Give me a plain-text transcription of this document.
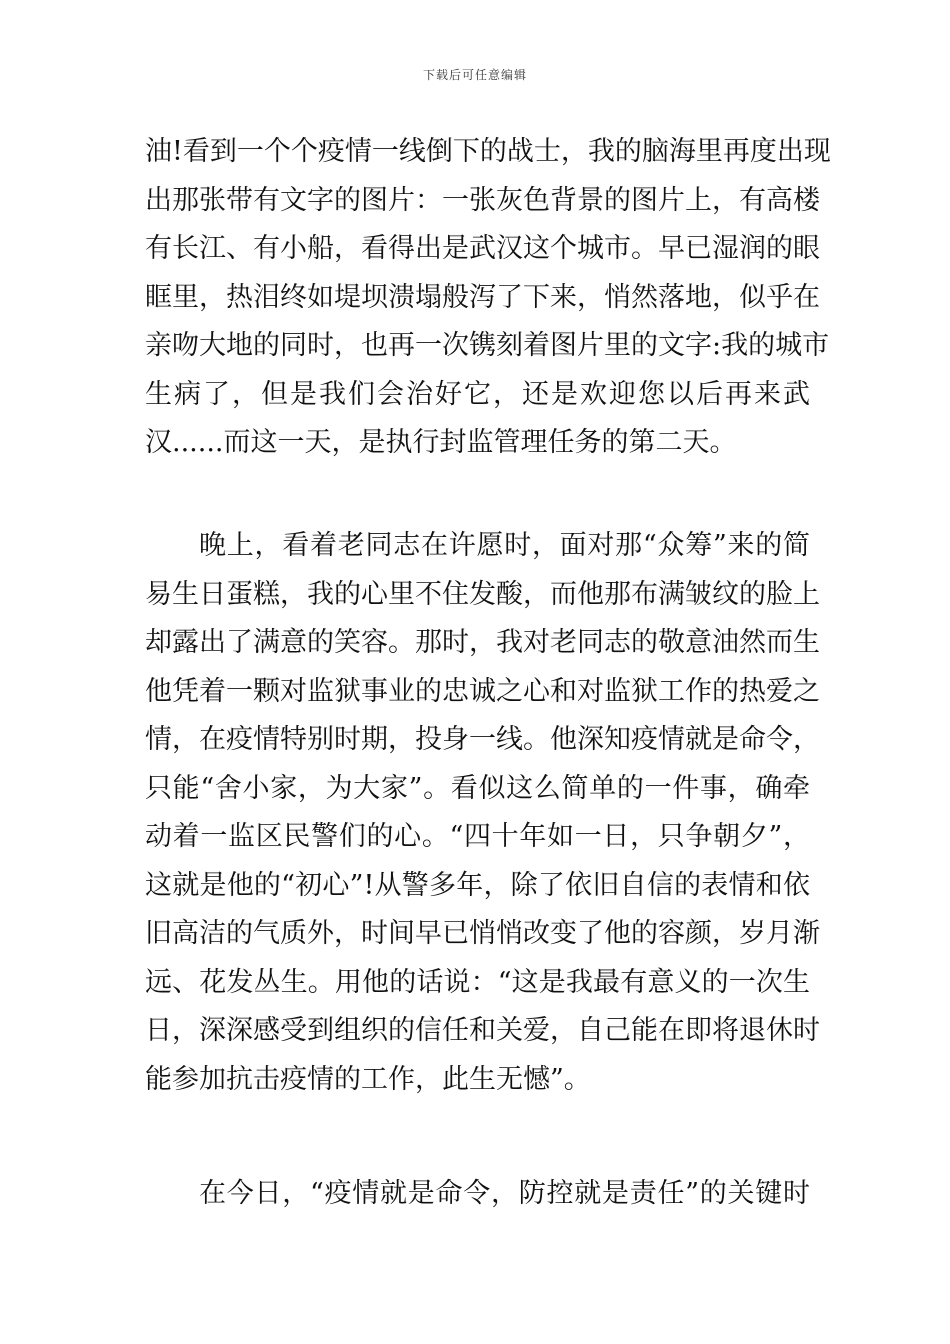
下载后可任意编辑
油!看到一个个疫情一线倒下的战士，我的脑海里再度出现
出那张带有文字的图片：一张灰色背景的图片上，有高楼
有长江、有小船，看得出是武汉这个城市。早已湿润的眼
眶里，热泪终如堤坝溃塌般泻了下来，悄然落地，似乎在
亲吻大地的同时，也再一次镌刻着图片里的文字:我的城市
生病了，但是我们会治好它，还是欢迎您以后再来武
汉......而这一天，是执行封监管理任务的第二天。
晚上，看着老同志在许愿时，面对那“众筹”来的简
易生日蛋糕，我的心里不住发酸，而他那布满皱纹的脸上
却露出了满意的笑容。那时，我对老同志的敬意油然而生
他凭着一颗对监狱事业的忠诚之心和对监狱工作的热爱之
情，在疫情特别时期，投身一线。他深知疫情就是命令，
只能“舍小家，为大家”。看似这么简单的一件事，确牵
动着一监区民警们的心。“四十年如一日，只争朝夕”，
这就是他的“初心”!从警多年，除了依旧自信的表情和依
旧高洁的气质外，时间早已悄悄改变了他的容颜，岁月渐
远、花发丛生。用他的话说：“这是我最有意义的一次生
日，深深感受到组织的信任和关爱，自己能在即将退休时
能参加抗击疫情的工作，此生无憾”。
在今日，“疫情就是命令，防控就是责任”的关键时
